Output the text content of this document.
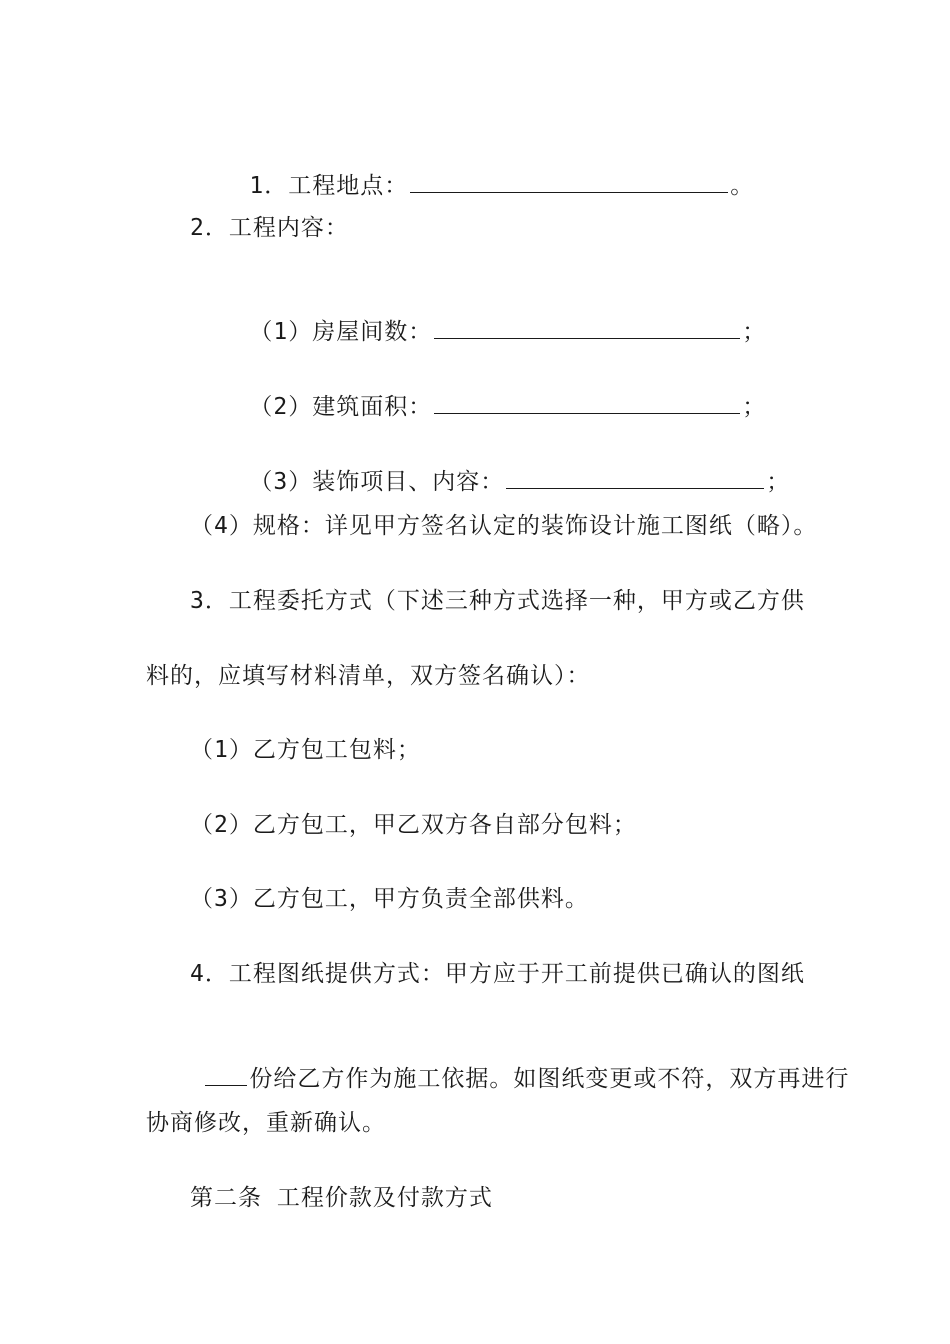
1．工程地点：	。

2．工程内容：

（1）房屋间数：	；

（2）建筑面积：	；

（3）装饰项目、内容：	；

（4）规格：详见甲方签名认定的装饰设计施工图纸（略）。
3．工程委托方式（下述三种方式选择一种，甲方或乙方供
料的，应填写材料清单，双方签名确认）：
（1）乙方包工包料；
（2）乙方包工，甲乙双方各自部分包料；
（3）乙方包工，甲方负责全部供料。
4．工程图纸提供方式：甲方应于开工前提供已确认的图纸

份给乙方作为施工依据。如图纸变更或不符，双方再进行

协商修改，重新确认。
第二条 工程价款及付款方式
